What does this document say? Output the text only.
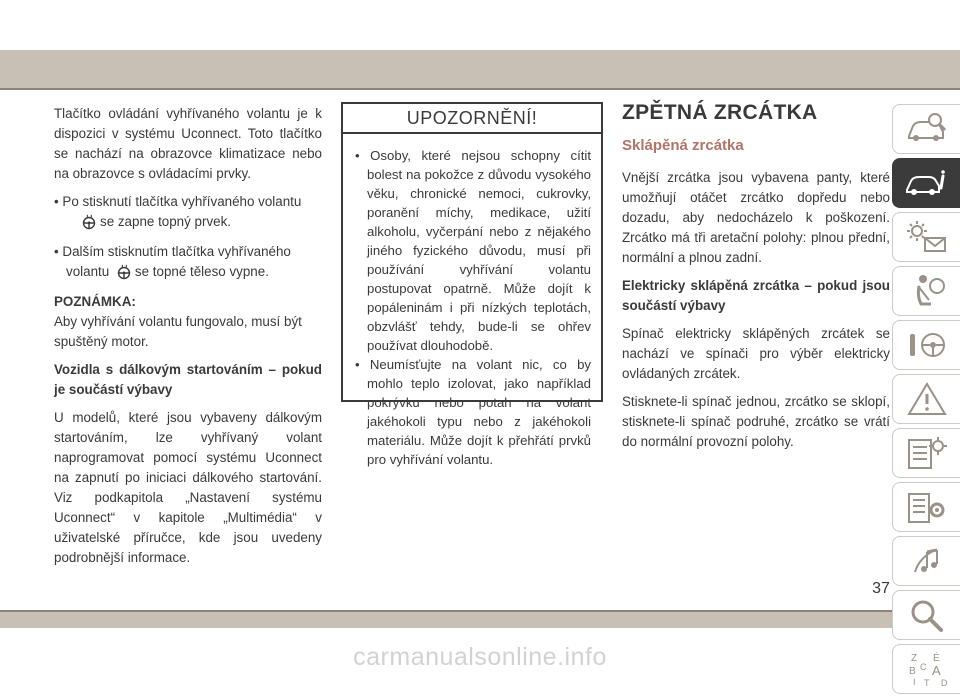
Tlačítko ovládání vyhřívaného volantu je k dispozici v systému Uconnect. Toto tlačítko se nachází na obrazovce klimatizace nebo na obrazovce s ovládacími prvky.

• Po stisknutí tlačítka vyhřívaného volantu
se zapne topný prvek.
• Dalším stisknutím tlačítka vyhřívaného volantu se topné těleso vypne.

POZNÁMKA:

Aby vyhřívání volantu fungovalo, musí být spuštěný motor.

Vozidla s dálkovým startováním – pokud je součástí výbavy

U modelů, které jsou vybaveny dálkovým startováním, lze vyhřívaný volant naprogramovat pomocí systému Uconnect na zapnutí po iniciaci dálkového startování. Viz podkapitola „Nastavení systému Uconnect“ v kapitole „Multimédia“ v uživatelské příručce, kde jsou uvedeny podrobnější informace.

UPOZORNĚNÍ!
• Osoby, které nejsou schopny cítit bolest na pokožce z důvodu vysokého věku, chronické nemoci, cukrovky, poranění míchy, medikace, užití alkoholu, vyčerpání nebo z nějakého jiného fyzického důvodu, musí při používání vyhřívání volantu postupovat opatrně. Může dojít k popáleninám i při nízkých teplotách, obzvlášť tehdy, bude-li se ohřev používat dlouhodobě.
• Neumísťujte na volant nic, co by mohlo teplo izolovat, jako například pokrývku nebo potah na volant jakéhokoli typu nebo z jakéhokoli materiálu. Může dojít k přehřátí prvků pro vyhřívání volantu.
ZPĚTNÁ ZRCÁTKA
Sklápěná zrcátka

Vnější zrcátka jsou vybavena panty, které umožňují otáčet zrcátko dopředu nebo dozadu, aby nedocházelo k poškození. Zrcátko má tři aretační polohy: plnou přední, normální a plnou zadní.

Elektricky sklápěná zrcátka – pokud jsou součástí výbavy

Spínač elektricky sklápěných zrcátek se nachází ve spínači pro výběr elektricky ovládaných zrcátek.

Stisknete-li spínač jednou, zrcátko se sklopí, stisknete-li spínač podruhé, zrcátko se vrátí do normální provozní polohy.

Z É
B A
C
D
I T
37
carmanualsonline.info
